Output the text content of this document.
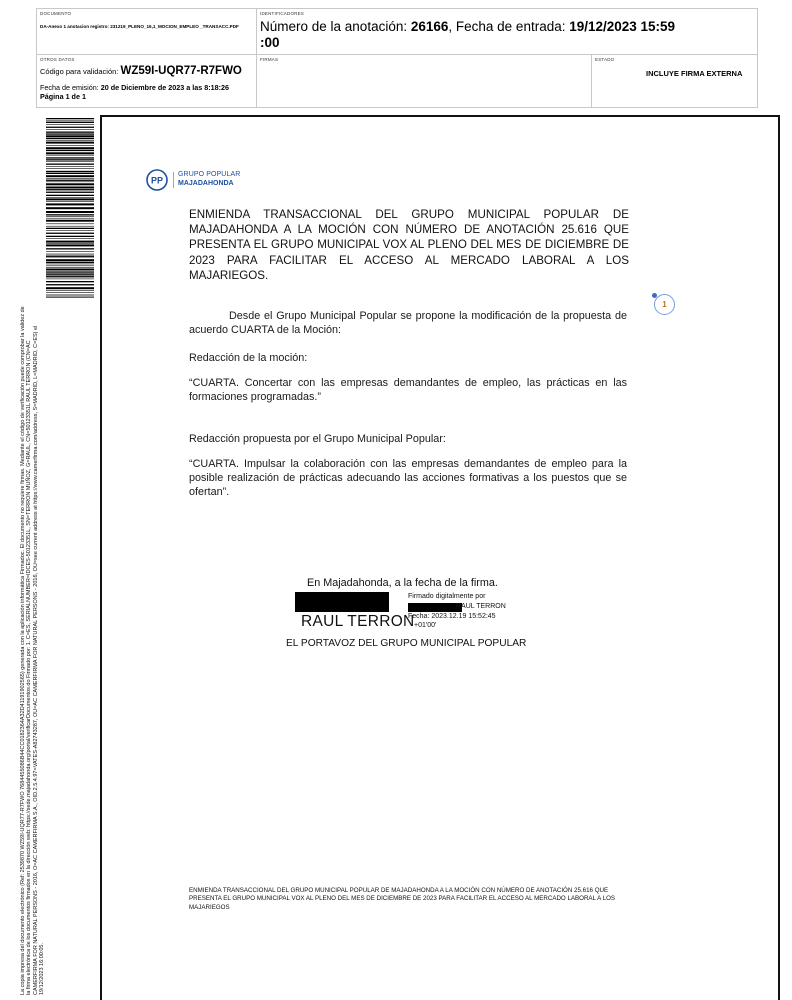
DOCUMENTO
DA-Anexo 1 anotacion registro: 231219_PLENO_16,1_MOCION_EMPLEO _TRANSACC.PDF
IDENTIFICADORES
Número de la anotación: 26166, Fecha de entrada: 19/12/2023 15:59 :00
OTROS DATOS
Código para validación: WZ59I-UQR77-R7FWO
Fecha de emisión: 20 de Diciembre de 2023 a las 8:18:26
Página 1 de 1
FIRMAS	ESTADO
INCLUYE FIRMA EXTERNA
La copia impresa del documento electrónico (Ref: 2539870 WZ59I-UQR77-R7FWO 7684455086B44CC0182364A32D41191902565) generada con la aplicación informática Firmadoc. El documento no requiere firmas. Mediante el código de verificación puede comprobar la validez de la firma electrónica de los documentos firmados en la dirección web: https://sede.majadahonda.org/portal/verificarDocumentos.do Firmado por: 1. C=ES, SERIALNUMBER=IDCES-50123351L, SN=TERRON MUÑOZ, G=RAUL, CN=50123351L RAUL TERRON (CN=AC CAMERFIRMA FOR NATURAL PERSONS - 2016, O=AC CAMERFIRMA S.A., OID.2.5.4.97=VATES-A82743287, OU=AC CAMERFIRMA FOR NATURAL PERSONS - 2016, OU=see current address at https://www.camerfirma.com/address, S=MADRID, L=MADRID, C=ES) el 19/12/2023 16:00:05.
PP
GRUPO POPULAR
MAJADAHONDA
ENMIENDA TRANSACCIONAL DEL GRUPO MUNICIPAL POPULAR DE MAJADAHONDA A LA MOCIÓN CON NÚMERO DE ANOTACIÓN 25.616 QUE PRESENTA EL GRUPO MUNICIPAL VOX AL PLENO DEL MES DE DICIEMBRE DE 2023 PARA FACILITAR EL ACCESO AL MERCADO LABORAL A LOS MAJARIEGOS.
1
Desde el Grupo Municipal Popular se propone la modificación de la propuesta de acuerdo CUARTA de la Moción:
Redacción de la moción:
“CUARTA. Concertar con las empresas demandantes de empleo, las prácticas en las formaciones programadas.”
Redacción propuesta por el Grupo Municipal Popular:
“CUARTA. Impulsar la colaboración con las empresas demandantes de empleo para la posible realización de prácticas adecuando las acciones formativas a los puestos que se ofertan”.
En Majadahonda, a la fecha de la firma.
RAUL TERRON
EL PORTAVOZ DEL GRUPO MUNICIPAL POPULAR
Firmado digitalmente por
RAUL TERRON
Fecha: 2023.12.19 15:52:45
+01'00'
ENMIENDA TRANSACCIONAL DEL GRUPO MUNICIPAL POPULAR DE MAJADAHONDA A LA MOCIÓN CON NÚMERO DE ANOTACIÓN 25.616 QUE PRESENTA EL GRUPO MUNICIPAL VOX AL PLENO DEL MES DE DICIEMBRE DE 2023 PARA FACILITAR EL ACCESO AL MERCADO LABORAL A LOS MAJARIEGOS
